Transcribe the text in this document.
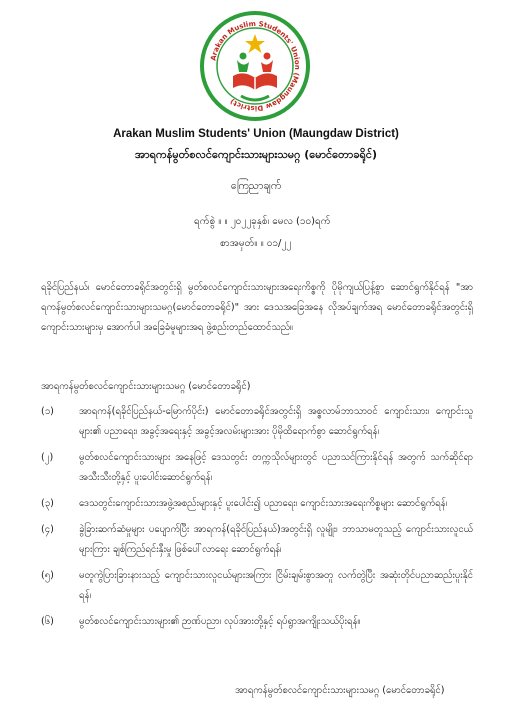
Arakan Muslim Students' Union (Maungdaw District)
Arakan Muslim Students' Union (Maungdaw District)
အာရကန်မွတ်စလင်ကျောင်းသားများသမဂ္ဂ (မောင်တောခရိုင်)
ကြေညာချက်
ရက်စွဲ ။ ။ ၂၀၂၂ခုနှစ်၊ မေလ (၁၀)ရက်
စာအမှတ်။ ။ ၀၁/၂၂

ရခိုင်ပြည်နယ်၊ မောင်တောခရိုင်အတွင်းရှိ မွတ်စလင်ကျောင်းသားများအရေးကိစ္စကို ပိုမိုကျယ်ပြန့်စွာ ဆောင်ရွက်နိုင်ရန် "အာရကန်မွတ်စလင်ကျောင်းသားများသမဂ္ဂ(မောင်တောခရိုင်)" အား ဒေသအခြေအနေ လိုအပ်ချက်အရ မောင်တောခရိုင်အတွင်းရှိ ကျောင်းသားများမှ အောက်ပါ အခြေခံမူများအရ ဖွဲ့စည်းတည်ထောင်သည်။

အာရကန်မွတ်စလင်ကျောင်းသားများသမဂ္ဂ (မောင်တောခရိုင်)
(၁)	အာရကန်(ရခိုင်ပြည်နယ်-မြောက်ပိုင်း) မောင်တောခရိုင်အတွင်းရှိ အစ္စလာမ်ဘာသာဝင် ကျောင်းသား၊ ကျောင်းသူများ၏ ပညာရေး၊ အခွင့်အရေးနှင့် အခွင့်အလမ်းများအား ပိုမိုထိရောက်စွာ ဆောင်ရွက်ရန်၊
(၂)	မွတ်စလင်ကျောင်းသားများ အနေဖြင့် ဒေသတွင်း တက္ကသိုလ်များတွင် ပညာသင်ကြားနိုင်ရန် အတွက် သက်ဆိုင်ရာအသီးသီးတို့နှင့် ပူးပေါင်းဆောင်ရွက်ရန်၊
(၃)	ဒေသတွင်းကျောင်းသားအဖွဲ့အစည်းများနှင့် ပူးပေါင်း၍ ပညာရေး၊ ကျောင်းသားအရေးကိစ္စများ ဆောင်ရွက်ရန်၊
(၄)	ခွဲခြားဆက်ဆံမှုများ ပပျောက်ပြီး အာရကန်(ရခိုင်ပြည်နယ်)အတွင်းရှိ လူမျိုး၊ ဘာသာမတူသည့် ကျောင်းသားလူငယ်များကြား ချစ်ကြည်ရင်းနှီးမှု ဖြစ်ပေါ်လာရေး ဆောင်ရွက်ရန်၊
(၅)	မတူကွဲပြားခြားနားသည့် ကျောင်းသားလူငယ်များအကြား ငြိမ်းချမ်းစွာအတူ လက်တွဲပြီး အဆုံးတိုင်ပညာဆည်းပူးနိုင်ရန်၊
(၆)	မွတ်စလင်ကျောင်းသားများ၏ ဉာဏ်ပညာ၊ လုပ်အားတို့နှင့် ရပ်ရွာအကျိုးသယ်ပိုးရန်။
အာရကန်မွတ်စလင်ကျောင်းသားများသမဂ္ဂ (မောင်တောခရိုင်)
